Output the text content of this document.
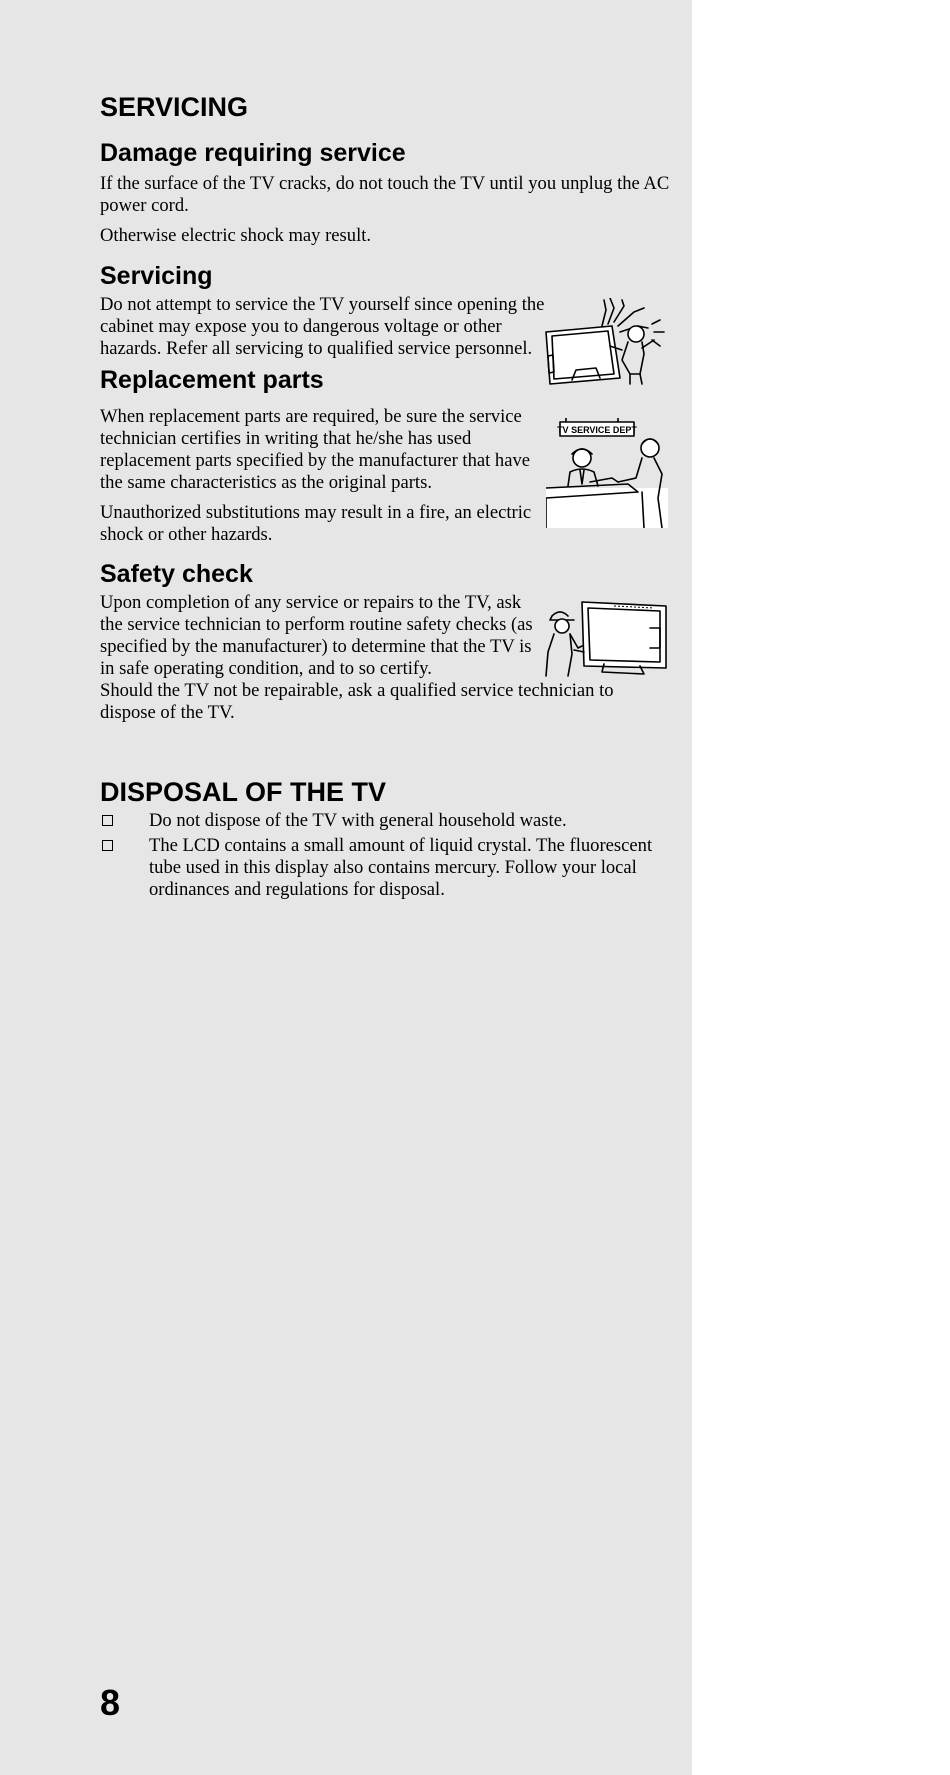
SERVICING
Damage requiring service

If the surface of the TV cracks, do not touch the TV until you unplug the AC power cord.

Otherwise electric shock may result.

Servicing

Do not attempt to service the TV yourself since opening the cabinet may expose you to dangerous voltage or other hazards. Refer all servicing to qualified service personnel.

Replacement parts

When replacement parts are required, be sure the service technician certifies in writing that he/she has used replacement parts specified by the manufacturer that have the same characteristics as the original parts.

Unauthorized substitutions may result in a fire, an electric shock or other hazards.

Safety check

Upon completion of any service or repairs to the TV, ask the service technician to perform routine safety checks (as specified by the manufacturer) to determine that the TV is in safe operating condition, and to so certify.

Should the TV not be repairable, ask a qualified service technician to dispose of the TV.

DISPOSAL OF THE TV
Do not dispose of the TV with general household waste.
The LCD contains a small amount of liquid crystal. The fluorescent tube used in this display also contains mercury. Follow your local ordinances and regulations for disposal.
TV SERVICE DEPT
8
